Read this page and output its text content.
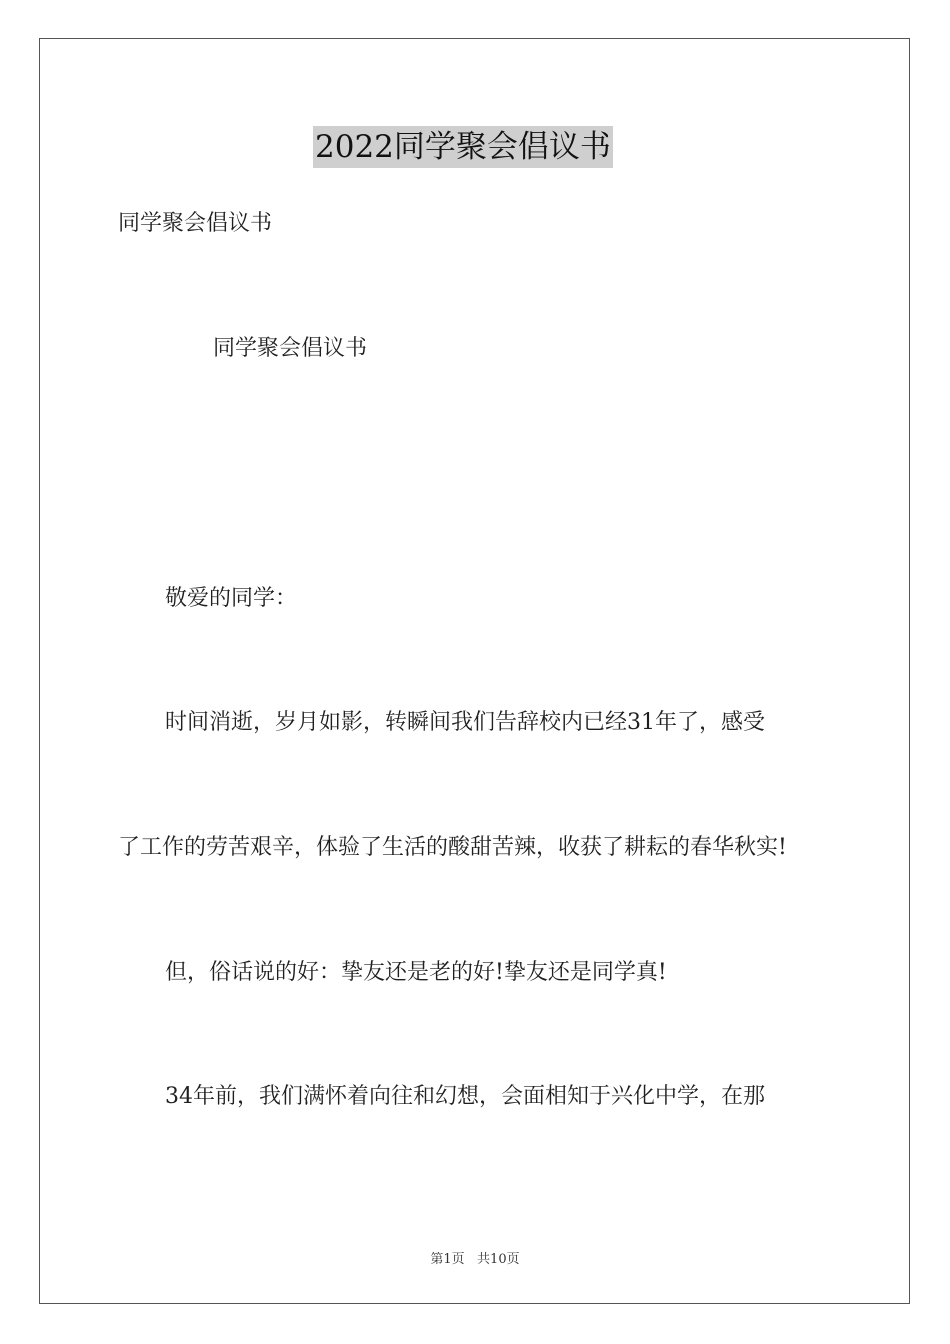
2022同学聚会倡议书
同学聚会倡议书
同学聚会倡议书
敬爱的同学：
时间消逝，岁月如影，转瞬间我们告辞校内已经31年了，感受
了工作的劳苦艰辛，体验了生活的酸甜苦辣，收获了耕耘的春华秋实!
但，俗话说的好：挚友还是老的好!挚友还是同学真!
34年前，我们满怀着向往和幻想，会面相知于兴化中学，在那
第1页   共10页
